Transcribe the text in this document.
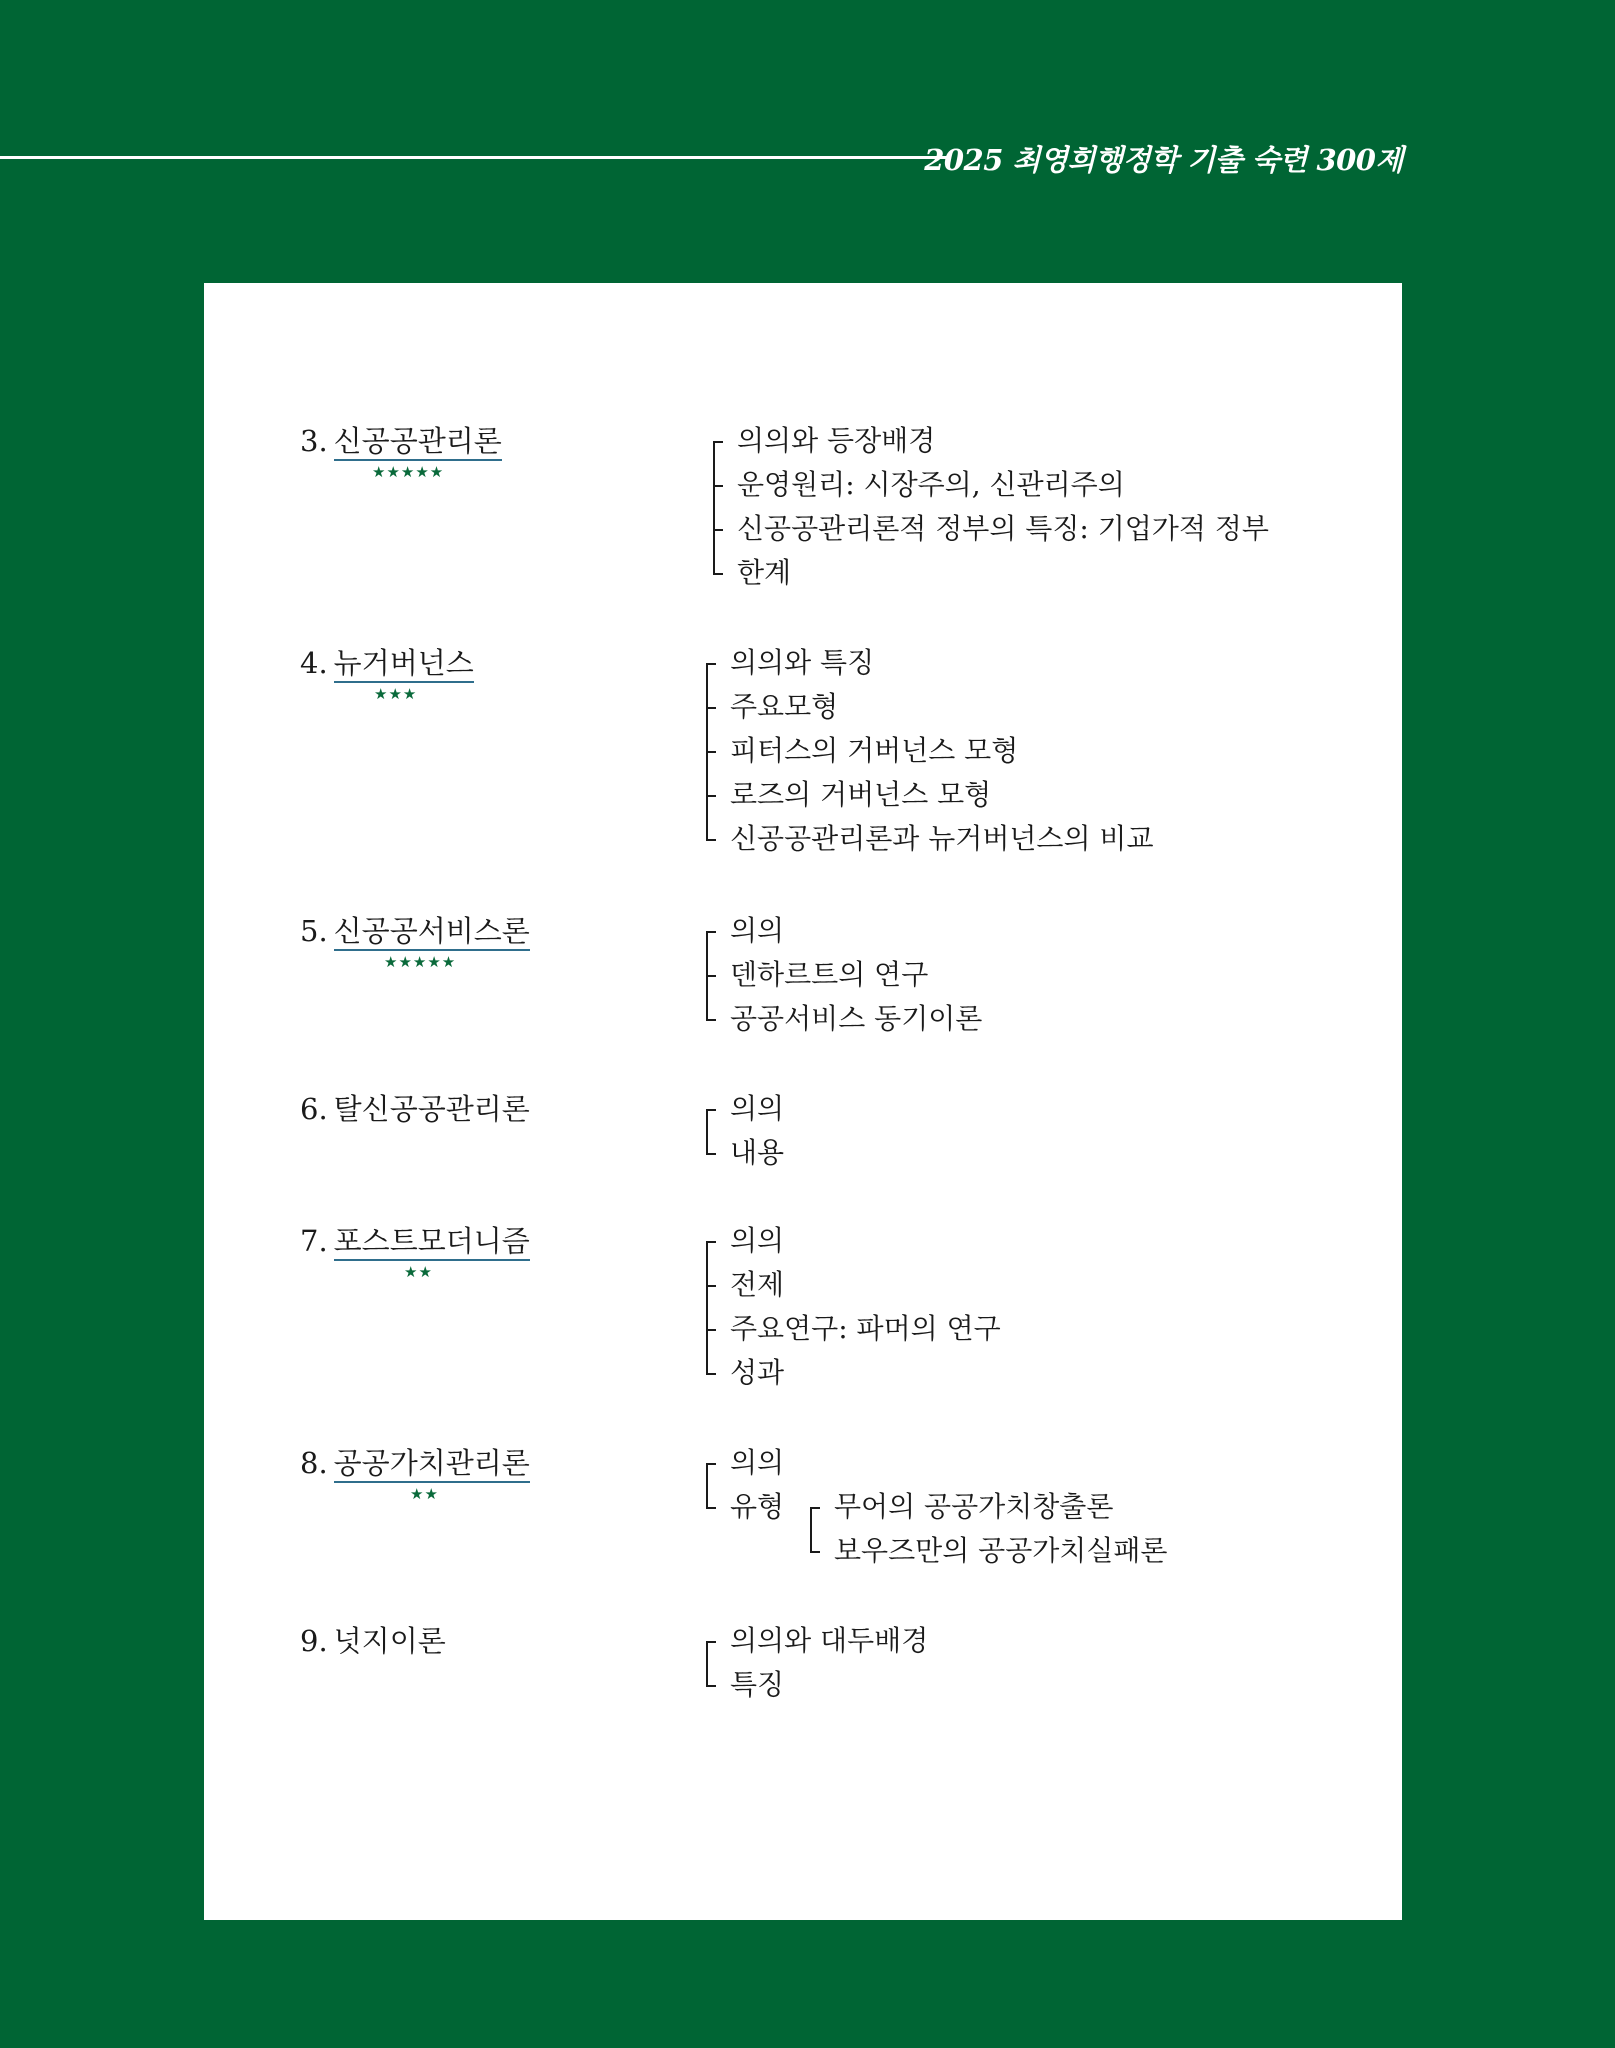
2025 최영희행정학 기출 숙련 300제
3. 신공공관리론
★★★★★
의의와 등장배경
운영원리: 시장주의, 신관리주의
신공공관리론적 정부의 특징: 기업가적 정부
한계
4. 뉴거버넌스
★★★
의의와 특징
주요모형
피터스의 거버넌스 모형
로즈의 거버넌스 모형
신공공관리론과 뉴거버넌스의 비교
5. 신공공서비스론
★★★★★
의의
덴하르트의 연구
공공서비스 동기이론
6. 탈신공공관리론	의의
내용
7. 포스트모더니즘
★★
의의
전제
주요연구: 파머의 연구
성과
8. 공공가치관리론
★★
의의
유형 무어의 공공가치창출론
보우즈만의 공공가치실패론
9. 넛지이론	의의와 대두배경
특징
